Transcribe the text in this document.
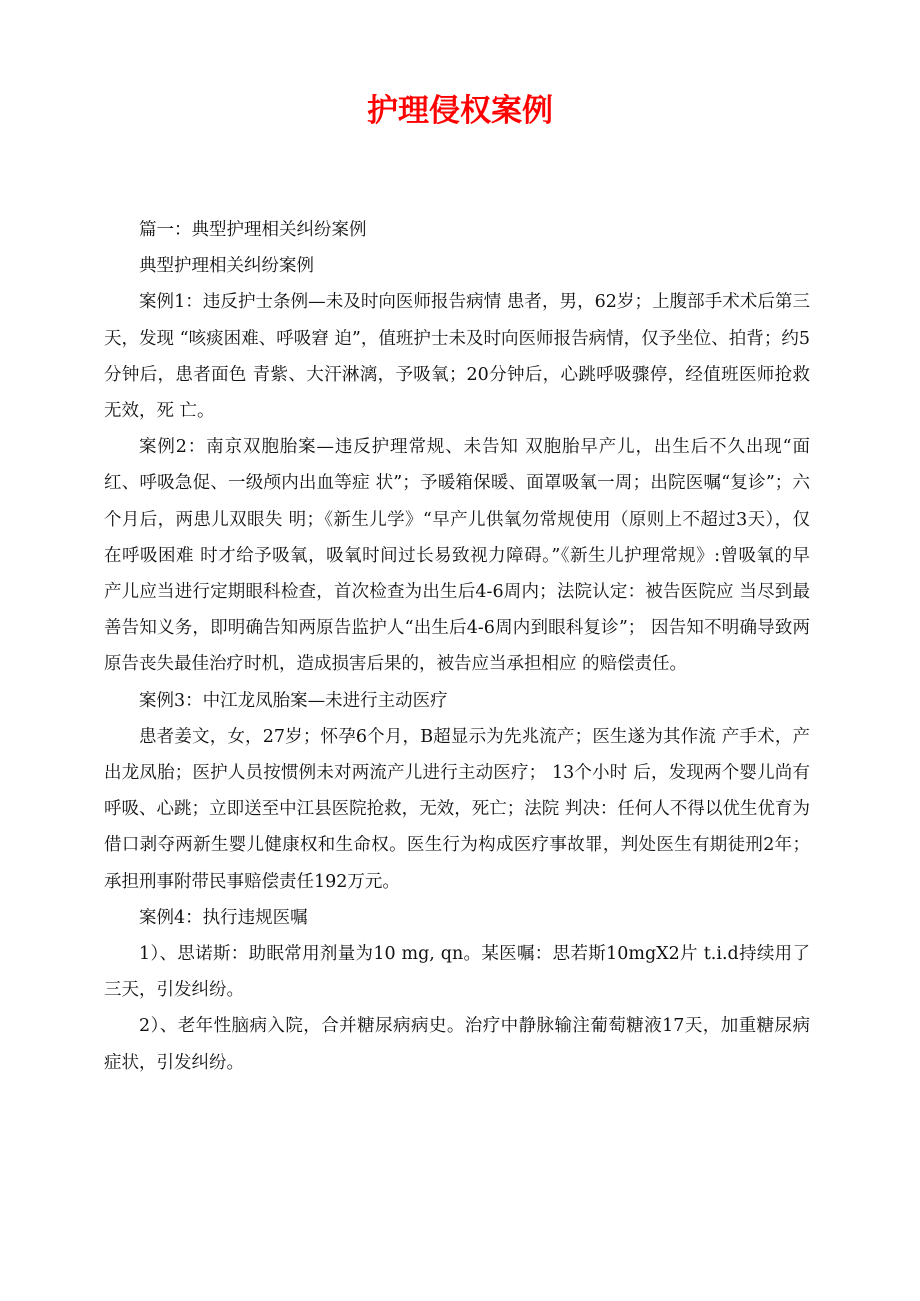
护理侵权案例

篇一：典型护理相关纠纷案例

典型护理相关纠纷案例

案例1：违反护士条例—未及时向医师报告病情 患者，男，62岁；上腹部手术术后第三天，发现 “咳痰困难、呼吸窘 迫”，值班护士未及时向医师报告病情，仅予坐位、拍背；约5分钟后，患者面色 青紫、大汗淋漓，予吸氧；20分钟后，心跳呼吸骤停，经值班医师抢救无效，死 亡。

案例2：南京双胞胎案—违反护理常规、未告知 双胞胎早产儿，出生后不久出现“面红、呼吸急促、一级颅内出血等症 状”；予暖箱保暖、面罩吸氧一周；出院医嘱“复诊”；六个月后，两患儿双眼失 明；《新生儿学》“早产儿供氧勿常规使用（原则上不超过3天），仅在呼吸困难 时才给予吸氧，吸氧时间过长易致视力障碍。”《新生儿护理常规》:曾吸氧的早 产儿应当进行定期眼科检查，首次检查为出生后4-6周内；法院认定：被告医院应 当尽到最善告知义务，即明确告知两原告监护人“出生后4-6周内到眼科复诊”； 因告知不明确导致两原告丧失最佳治疗时机，造成损害后果的，被告应当承担相应 的赔偿责任。

案例3：中江龙凤胎案—未进行主动医疗

患者姜文，女，27岁；怀孕6个月，B超显示为先兆流产；医生遂为其作流 产手术，产出龙凤胎；医护人员按惯例未对两流产儿进行主动医疗； 13个小时 后，发现两个婴儿尚有呼吸、心跳；立即送至中江县医院抢救，无效，死亡；法院 判决：任何人不得以优生优育为借口剥夺两新生婴儿健康权和生命权。医生行为构成医疗事故罪，判处医生有期徒刑2年；承担刑事附带民事赔偿责任192万元。

案例4：执行违规医嘱

1）、思诺斯：助眠常用剂量为10 mg, qn。某医嘱：思若斯10mgX2片 t.i.d持续用了三天，引发纠纷。

2）、老年性脑病入院，合并糖尿病病史。治疗中静脉输注葡萄糖液17天，加重糖尿病症状，引发纠纷。
